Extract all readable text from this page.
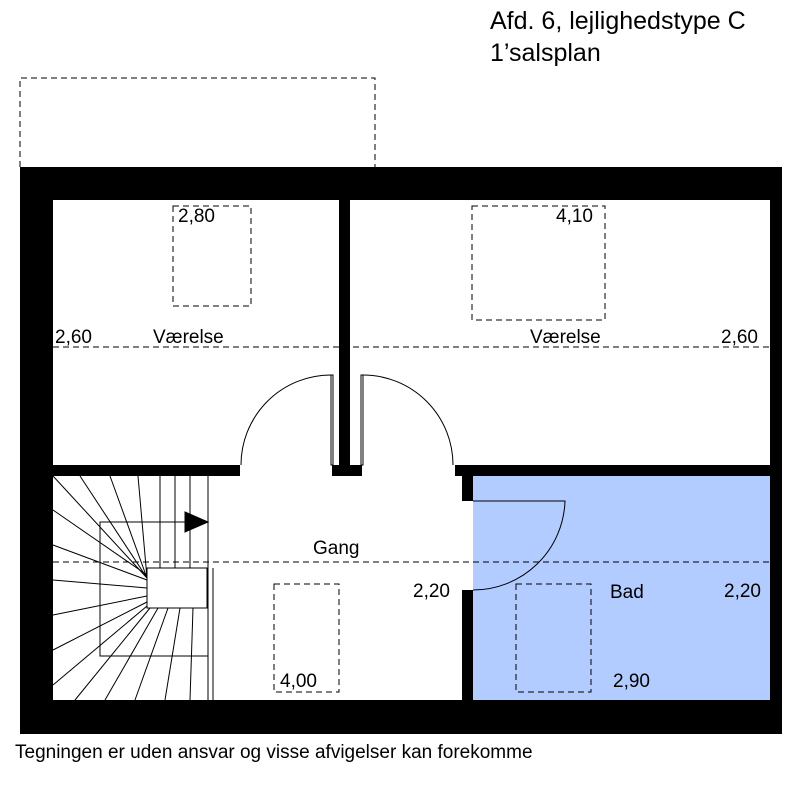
Afd. 6, lejlighedstype C
1’salsplan
2,80	4,10
2,60	Værelse	Værelse	2,60
Gang
2,20	Bad	2,20
4,00	2,90
Tegningen er uden ansvar og visse afvigelser kan forekomme
